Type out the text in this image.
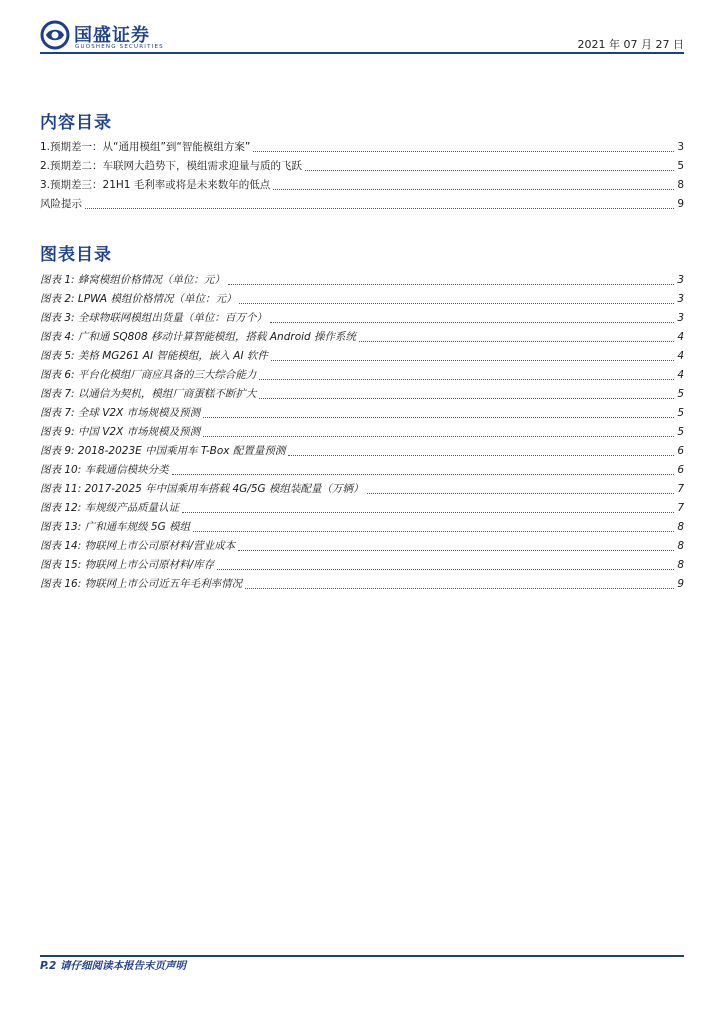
国盛证券
GUOSHENG SECURITIES	2021 年 07 月 27 日
内容目录
1.预期差一：从“通用模组”到“智能模组方案”	3
2.预期差二：车联网大趋势下，模组需求迎量与质的飞跃	5
3.预期差三：21H1 毛利率或将是未来数年的低点	8
风险提示	9
图表目录
图表 1: 蜂窝模组价格情况（单位：元）	3
图表 2: LPWA 模组价格情况（单位：元）	3
图表 3: 全球物联网模组出货量（单位：百万个）	3
图表 4: 广和通 SQ808 移动计算智能模组，搭载 Android 操作系统	4
图表 5: 美格 MG261 AI 智能模组，嵌入 AI 软件	4
图表 6: 平台化模组厂商应具备的三大综合能力	4
图表 7: 以通信为契机，模组厂商蛋糕不断扩大	5
图表 7: 全球 V2X 市场规模及预测	5
图表 9: 中国 V2X 市场规模及预测	5
图表 9: 2018-2023E 中国乘用车 T-Box 配置量预测	6
图表 10: 车载通信模块分类	6
图表 11: 2017-2025 年中国乘用车搭载 4G/5G 模组装配量（万辆）	7
图表 12: 车规级产品质量认证	7
图表 13: 广和通车规级 5G 模组	8
图表 14: 物联网上市公司原材料/营业成本	8
图表 15: 物联网上市公司原材料/库存	8
图表 16: 物联网上市公司近五年毛利率情况	9
P.2 请仔细阅读本报告末页声明
